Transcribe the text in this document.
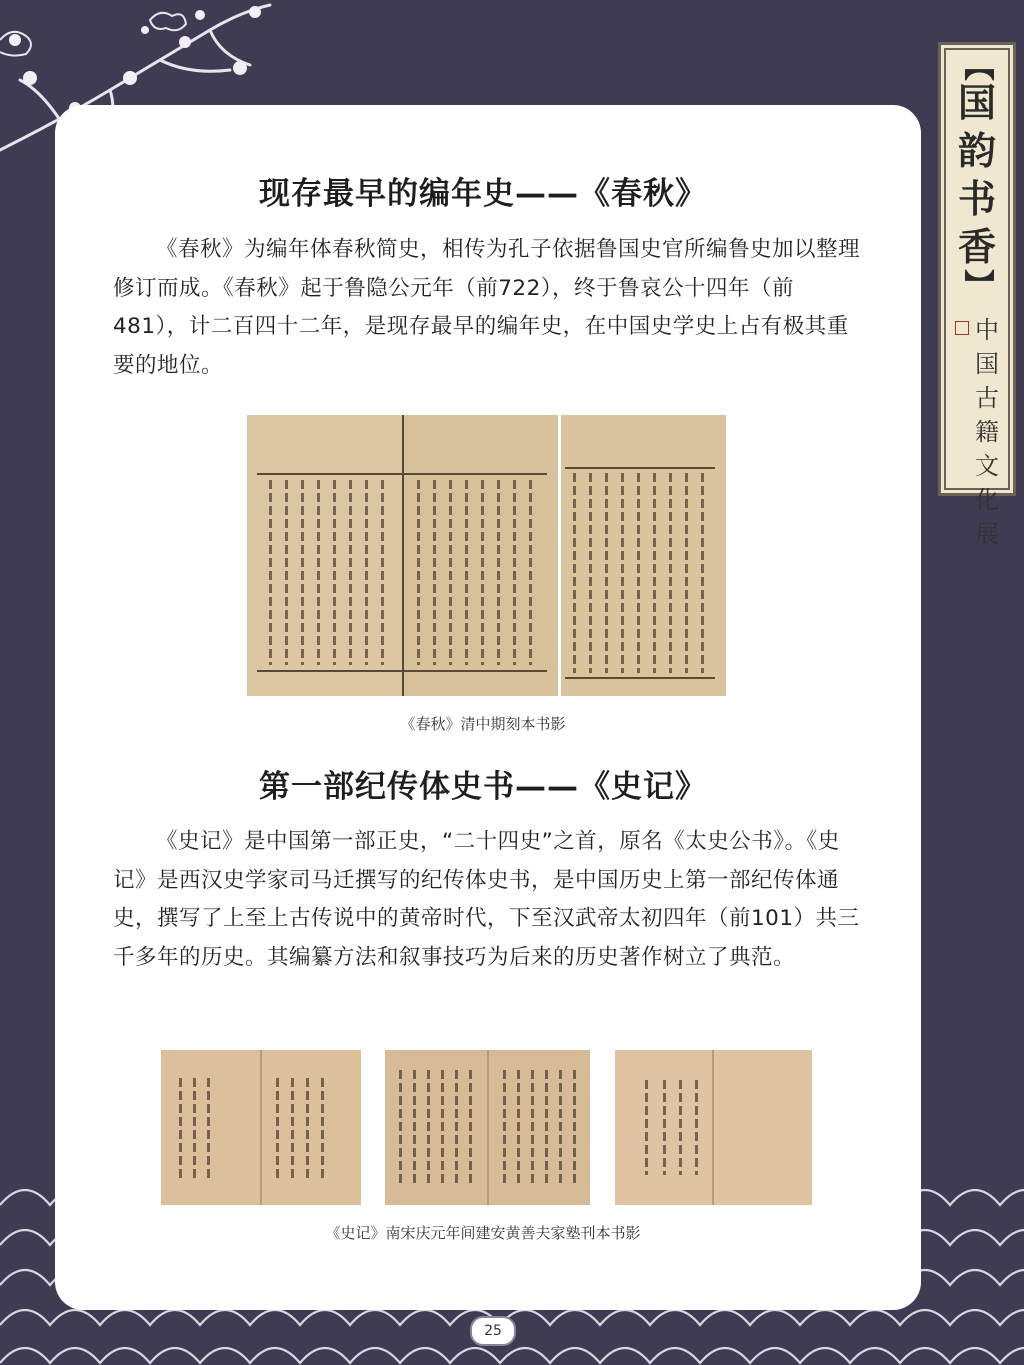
【
国
韵
书
香
】
中
国
古
籍
文
化
展
现存最早的编年史——《春秋》
《春秋》为编年体春秋简史，相传为孔子依据鲁国史官所编鲁史加以整理修订而成。《春秋》起于鲁隐公元年（前722），终于鲁哀公十四年（前481），计二百四十二年，是现存最早的编年史，在中国史学史上占有极其重要的地位。
《春秋》清中期刻本书影
第一部纪传体史书——《史记》
《史记》是中国第一部正史，“二十四史”之首，原名《太史公书》。《史记》是西汉史学家司马迁撰写的纪传体史书，是中国历史上第一部纪传体通史，撰写了上至上古传说中的黄帝时代，下至汉武帝太初四年（前101）共三千多年的历史。其编纂方法和叙事技巧为后来的历史著作树立了典范。
《史记》南宋庆元年间建安黄善夫家塾刊本书影
25
